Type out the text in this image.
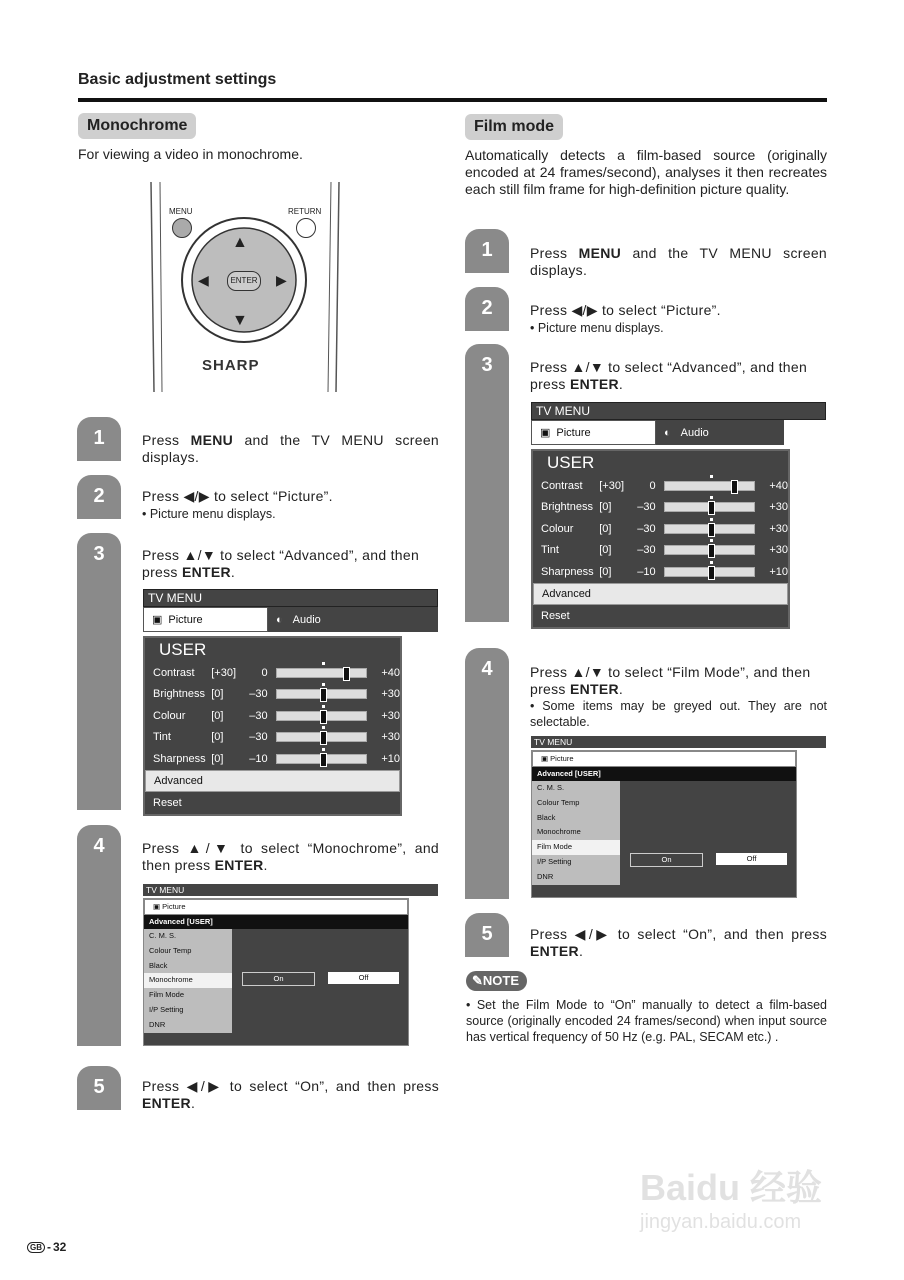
Basic adjustment settings
Monochrome
For viewing a video in monochrome.
MENU	RETURN
▲
▼
◀	▶
ENTER
SHARP
1
2
3
4
5
Press MENU and the TV MENU screen displays.
Press ◀/▶ to select “Picture”.
• Picture menu displays.
Press ▲/▼ to select “Advanced”, and then press ENTER.
Press ▲/▼ to select “Monochrome”, and then press ENTER.
Press ◀/▶ to select “On”, and then press ENTER.
TV MENU
▣ Picture	◐ Audio
USER
Contrast	[+30]	0	+40
Brightness [0]	–30	+30
Colour	[0]	–30	+30
Tint	[0]	–30	+30
Sharpness [0]	–10	+10
Advanced
Reset
TV MENU
▣ Picture
Advanced [USER]
C. M. S.
Colour Temp
Black
Monochrome
Film Mode
I/P Setting
DNR
On	Off
Film mode
Automatically detects a film-based source (originally encoded at 24 frames/second), analyses it then recreates each still film frame for high-definition picture quality.
1
2
3
4
5
Press MENU and the TV MENU screen displays.
Press ◀/▶ to select “Picture”.
• Picture menu displays.
Press ▲/▼ to select “Advanced”, and then press ENTER.
Press ▲/▼ to select “Film Mode”, and then press ENTER.
• Some items may be greyed out. They are not selectable.
Press ◀/▶ to select “On”, and then press ENTER.
TV MENU
▣ Picture	◐ Audio
USER
Contrast	[+30]	0	+40
Brightness [0]	–30	+30
Colour	[0]	–30	+30
Tint	[0]	–30	+30
Sharpness [0]	–10	+10
Advanced
Reset
TV MENU
▣ Picture
Advanced [USER]
C. M. S.
Colour Temp
Black
Monochrome
Film Mode
I/P Setting
DNR
On	Off
✎NOTE
• Set the Film Mode to “On” manually to detect a film-based source (originally encoded 24 frames/second) when input source has vertical frequency of 50 Hz (e.g. PAL, SECAM etc.) .
GB - 32
Baidu 经验
jingyan.baidu.com
